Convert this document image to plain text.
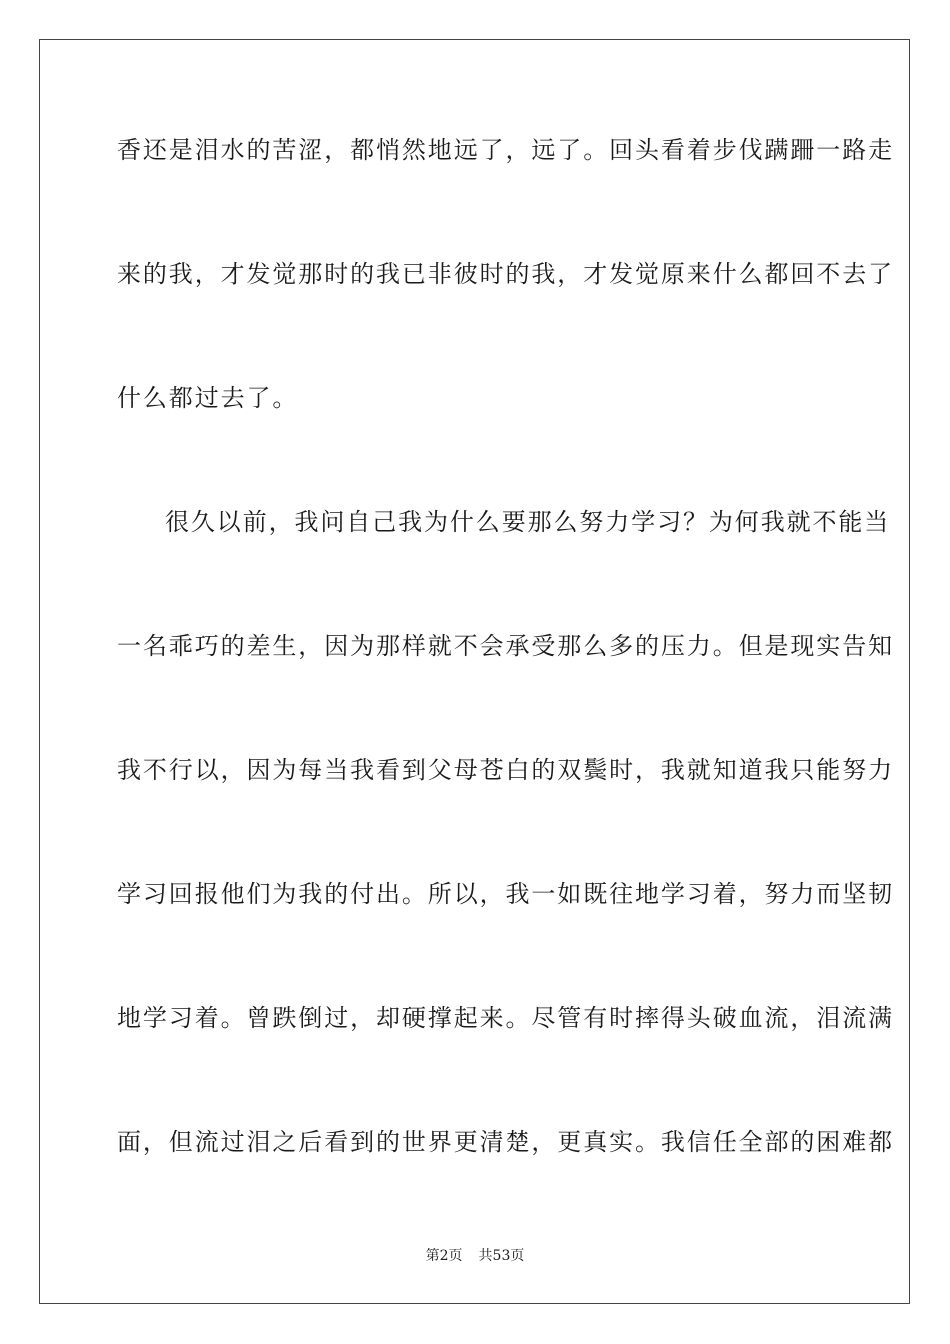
香还是泪水的苦涩，都悄然地远了，远了。回头看着步伐蹒跚一路走
来的我，才发觉那时的我已非彼时的我，才发觉原来什么都回不去了
什么都过去了。
很久以前，我问自己我为什么要那么努力学习？为何我就不能当
一名乖巧的差生，因为那样就不会承受那么多的压力。但是现实告知
我不行以，因为每当我看到父母苍白的双鬓时，我就知道我只能努力
学习回报他们为我的付出。所以，我一如既往地学习着，努力而坚韧
地学习着。曾跌倒过，却硬撑起来。尽管有时摔得头破血流，泪流满
面，但流过泪之后看到的世界更清楚，更真实。我信任全部的困难都
第2页 共53页
